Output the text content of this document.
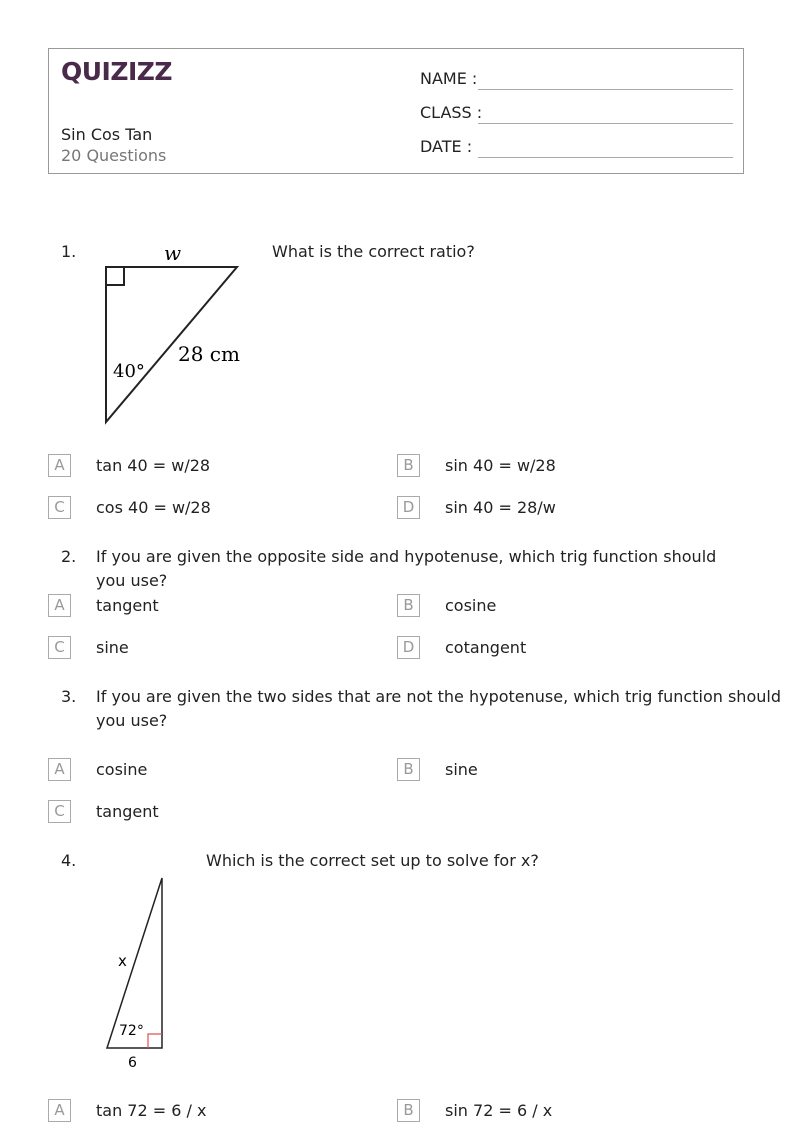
QUIZIZZ
Sin Cos Tan
20 Questions
NAME :
CLASS :
DATE :
1.	w
28 cm
40°
What is the correct ratio?
A	tan 40 = w/28	B	sin 40 = w/28
C	cos 40 = w/28	D	sin 40 = 28/w
2. If you are given the opposite side and hypotenuse, which trig function should you use?
A	tangent	B	cosine
C	sine	D	cotangent
3. If you are given the two sides that are not the hypotenuse, which trig function should
you use?
A	cosine	B	sine
C	tangent
4.	Which is the correct set up to solve for x?
x
72°
6
A	tan 72 = 6 / x	B	sin 72 = 6 / x
